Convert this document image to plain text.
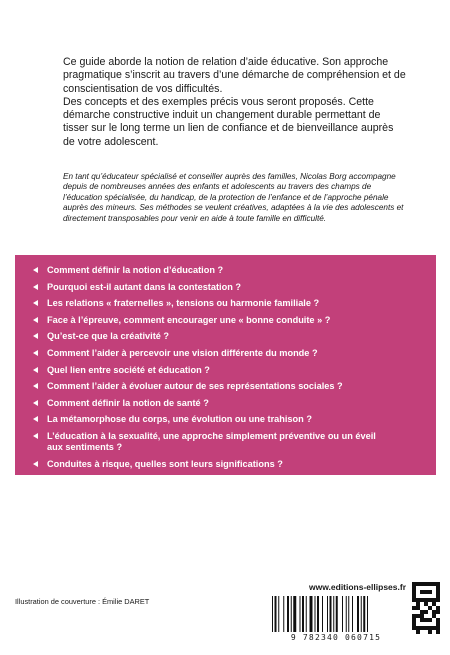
Ce guide aborde la notion de relation d’aide éducative. Son approche pragmatique s’inscrit au travers d’une démarche de compréhension et de conscientisation de vos difficultés.

Des concepts et des exemples précis vous seront proposés. Cette démarche constructive induit un changement durable permettant de tisser sur le long terme un lien de confiance et de bienveillance auprès de votre adolescent.

En tant qu’éducateur spécialisé et conseiller auprès des familles, Nicolas Borg accompagne depuis de nombreuses années des enfants et adolescents au travers des champs de l’éducation spécialisée, du handicap, de la protection de l’enfance et de l’approche pénale auprès des mineurs. Ses méthodes se veulent créatives, adaptées à la vie des adolescents et directement transposables pour venir en aide à toute famille en difficulté.
Comment définir la notion d’éducation ?
Pourquoi est-il autant dans la contestation ?
Les relations « fraternelles », tensions ou harmonie familiale ?
Face à l’épreuve, comment encourager une « bonne conduite » ?
Qu’est-ce que la créativité ?
Comment l’aider à percevoir une vision différente du monde ?
Quel lien entre société et éducation ?
Comment l’aider à évoluer autour de ses représentations sociales ?
Comment définir la notion de santé ?
La métamorphose du corps, une évolution ou une trahison ?
L’éducation à la sexualité, une approche simplement préventive ou un éveil aux sentiments ?
Conduites à risque, quelles sont leurs significations ?
Le harcèlement, histoire d’en parler ?
Illustration de couverture : Émilie DARET
www.editions-ellipses.fr
9 782340 060715
